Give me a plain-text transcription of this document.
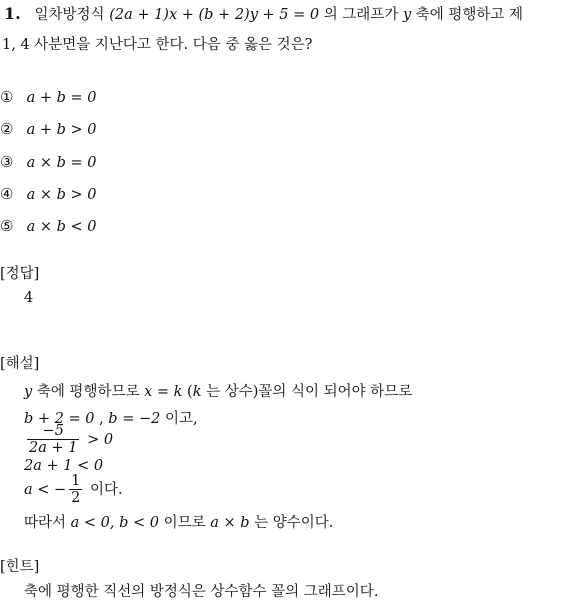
1. 일차방정식 (2a + 1)x + (b + 2)y + 5 = 0 의 그래프가 y 축에 평행하고 제
1, 4 사분면을 지난다고 한다. 다음 중 옳은 것은?
① a + b = 0
② a + b > 0
③ a × b = 0
④ a × b > 0
⑤ a × b < 0
[정답]
4
[해설]
y 축에 평행하므로 x = k (k 는 상수)꼴의 식이 되어야 하므로
b + 2 = 0 , b = −2 이고,
$\frac{-5}{2a + 1} > 0$
2a + 1 < 0
a < − $\frac{1}{2}$ 이다.
따라서 a < 0, b < 0 이므로 a × b 는 양수이다.
[힌트]
축에 평행한 직선의 방정식은 상수함수 꼴의 그래프이다.
